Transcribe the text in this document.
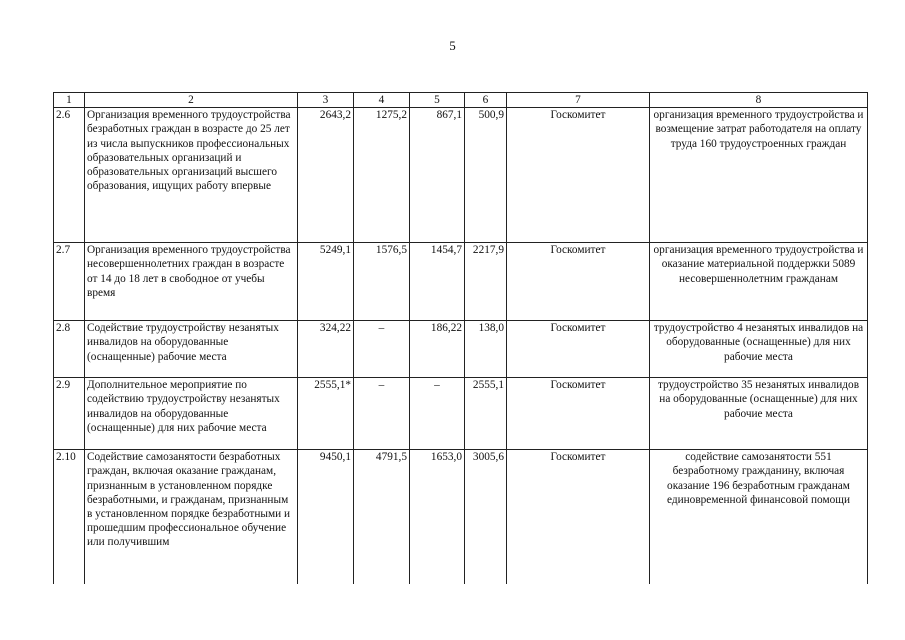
5
1	2	3	4	5	6	7	8
2.6	Организация временного трудоустройства безработных граждан в возрасте до 25 лет из числа выпускников профессиональных образовательных организаций и образовательных организаций высшего образования, ищущих работу впервые	2643,2	1275,2	867,1	500,9	Госкомитет	организация временного трудоустройства и возмещение затрат работодателя на оплату труда 160 трудоустроенных граждан
2.7	Организация временного трудоустройства несовершеннолетних граждан в возрасте от 14 до 18 лет в свободное от учебы время	5249,1	1576,5	1454,7	2217,9	Госкомитет	организация временного трудоустройства и оказание материальной поддержки 5089 несовершеннолетним гражданам
2.8	Содействие трудоустройству незанятых инвалидов на оборудованные (оснащенные) рабочие места	324,22	–	186,22	138,0	Госкомитет	трудоустройство 4 незанятых инвалидов на оборудованные (оснащенные) для них рабочие места
2.9	Дополнительное мероприятие по содействию трудоустройству незанятых инвалидов на оборудованные (оснащенные) для них рабочие места	2555,1*	–	–	2555,1	Госкомитет	трудоустройство 35 незанятых инвалидов на оборудованные (оснащенные) для них рабочие места
2.10	Содействие самозанятости безработных граждан, включая оказание гражданам, признанным в установленном порядке безработными, и гражданам, признанным в установленном порядке безработными и прошедшим профессиональное обучение или получившим	9450,1	4791,5	1653,0	3005,6	Госкомитет	содействие самозанятости 551 безработному гражданину, включая оказание 196 безработным гражданам единовременной финансовой помощи
